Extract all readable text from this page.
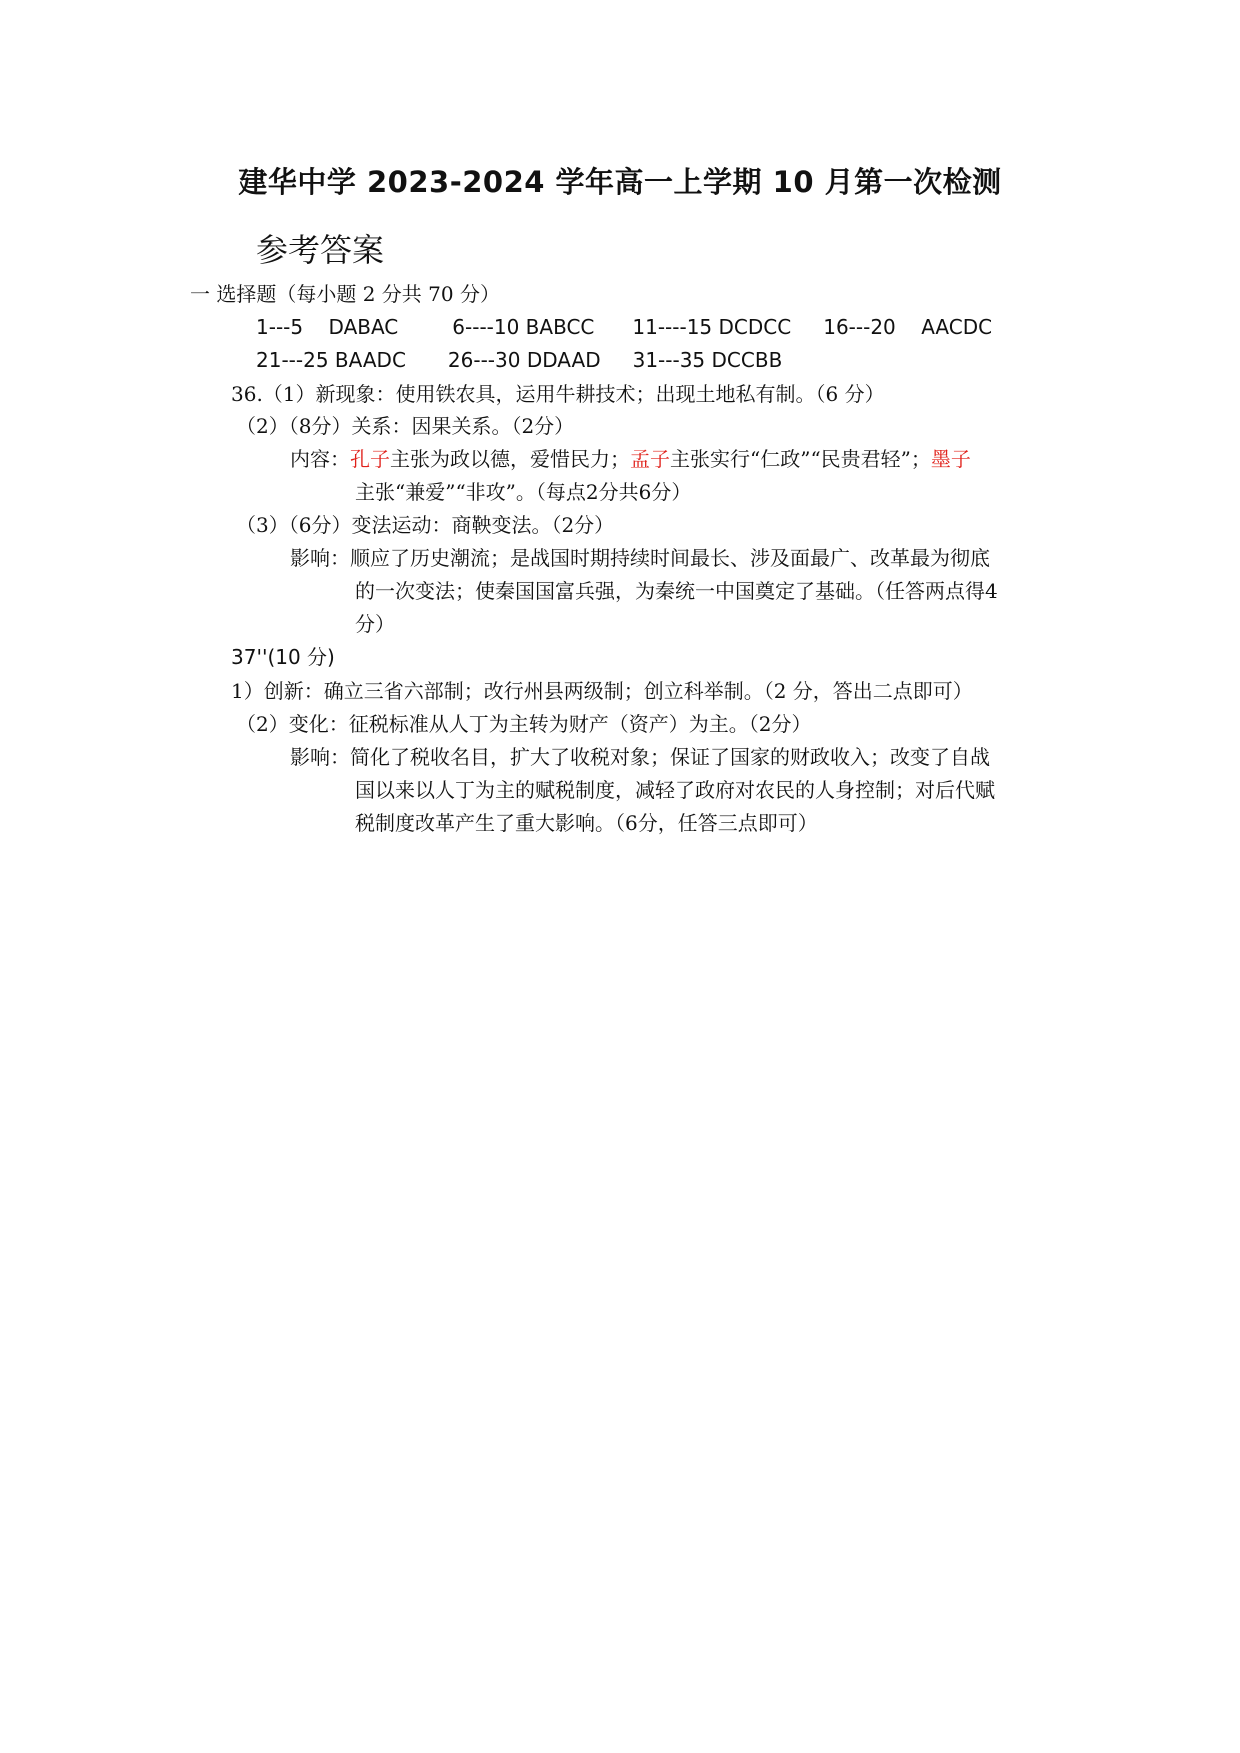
建华中学 2023-2024 学年高一上学期 10 月第一次检测
参考答案
一 选择题（每小题 2 分共 70 分）
1---5    DABAC	6----10 BABCC 11----15 DCDCC 16---20    AACDC
21---25 BAADC 26---30 DDAAD 31---35 DCCBB
36.（1）新现象：使用铁农具，运用牛耕技术；出现土地私有制。（6 分）
（2）（8分）关系：因果关系。（2分）
内容：孔子主张为政以德，爱惜民力；孟子主张实行“仁政”“民贵君轻”；墨子
主张“兼爱”“非攻”。（每点2分共6分）
（3）（6分）变法运动：商鞅变法。（2分）
影响：顺应了历史潮流；是战国时期持续时间最长、涉及面最广、改革最为彻底
的一次变法；使秦国国富兵强，为秦统一中国奠定了基础。（任答两点得4
分）
37''(10 分)
1）创新：确立三省六部制；改行州县两级制；创立科举制。（2 分，答出二点即可）
（2）变化：征税标准从人丁为主转为财产（资产）为主。（2分）
影响：简化了税收名目，扩大了收税对象；保证了国家的财政收入；改变了自战
国以来以人丁为主的赋税制度，减轻了政府对农民的人身控制；对后代赋
税制度改革产生了重大影响。（6分，任答三点即可）
